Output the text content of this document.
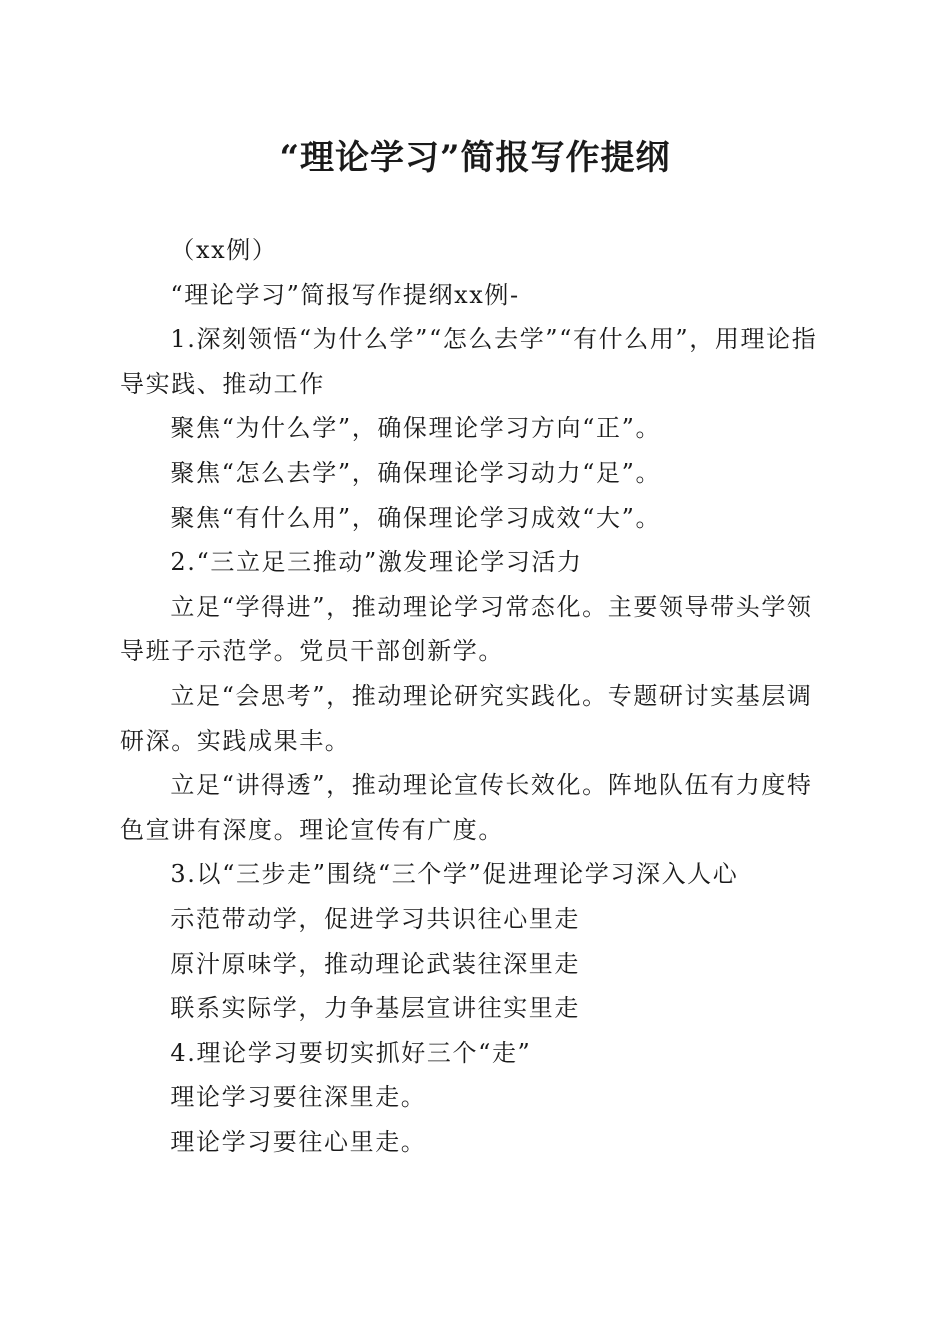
“理论学习”简报写作提纲

（xx例）

“理论学习”简报写作提纲xx例-

1.深刻领悟“为什么学”“怎么去学”“有什么用”，用理论指导实践、推动工作

聚焦“为什么学”，确保理论学习方向“正”。

聚焦“怎么去学”，确保理论学习动力“足”。

聚焦“有什么用”，确保理论学习成效“大”。

2.“三立足三推动”激发理论学习活力

立足“学得进”，推动理论学习常态化。主要领导带头学领导班子示范学。党员干部创新学。

立足“会思考”，推动理论研究实践化。专题研讨实基层调研深。实践成果丰。

立足“讲得透”，推动理论宣传长效化。阵地队伍有力度特色宣讲有深度。理论宣传有广度。

3.以“三步走”围绕“三个学”促进理论学习深入人心

示范带动学，促进学习共识往心里走

原汁原味学，推动理论武装往深里走

联系实际学，力争基层宣讲往实里走

4.理论学习要切实抓好三个“走”

理论学习要往深里走。

理论学习要往心里走。
